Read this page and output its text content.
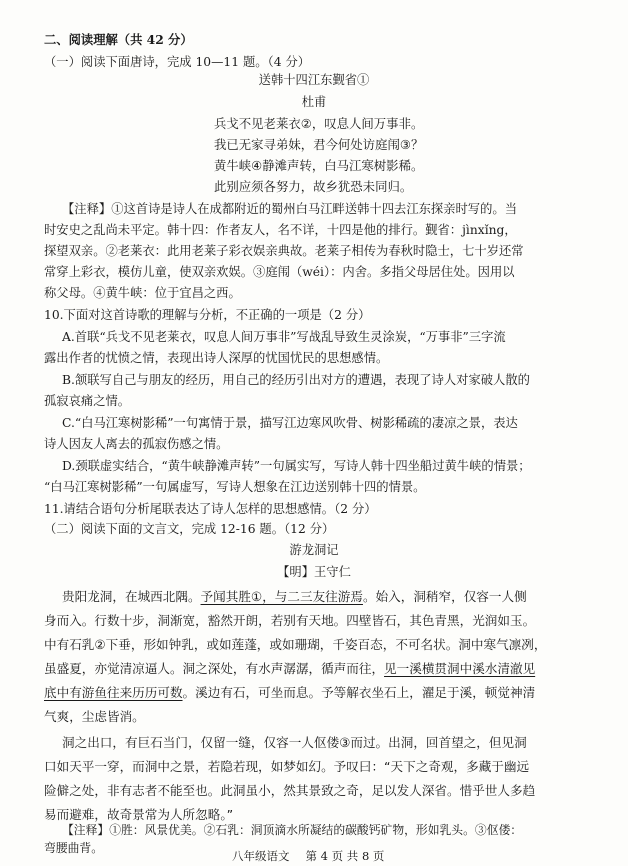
二、阅读理解（共 42 分）
（一）阅读下面唐诗，完成 10—11 题。（4 分）
送韩十四江东觐省①
杜甫
兵戈不见老莱衣②，叹息人间万事非。
我已无家寻弟妹，君今何处访庭闱③？
黄牛峡④静滩声转，白马江寒树影稀。
此别应须各努力，故乡犹恐未同归。
【注释】①这首诗是诗人在成都附近的蜀州白马江畔送韩十四去江东探亲时写的。当
时安史之乱尚未平定。韩十四：作者友人，名不详，十四是他的排行。觐省：jìnxǐng，
探望双亲。②老莱衣：此用老莱子彩衣娱亲典故。老莱子相传为春秋时隐士，七十岁还常
常穿上彩衣，模仿儿童，使双亲欢娱。③庭闱（wéi）：内舍。多指父母居住处。因用以
称父母。④黄牛峡：位于宜昌之西。
10.下面对这首诗歌的理解与分析，不正确的一项是（2 分）
A.首联“兵戈不见老莱衣，叹息人间万事非”写战乱导致生灵涂炭，“万事非”三字流
露出作者的忧愤之情，表现出诗人深厚的忧国忧民的思想感情。
B.颔联写自己与朋友的经历，用自己的经历引出对方的遭遇，表现了诗人对家破人散的
孤寂哀痛之情。
C.“白马江寒树影稀”一句寓情于景，描写江边寒风吹骨、树影稀疏的凄凉之景，表达
诗人因友人离去的孤寂伤感之情。
D.颈联虚实结合，“黄牛峡静滩声转”一句属实写，写诗人韩十四坐船过黄牛峡的情景；
“白马江寒树影稀”一句属虚写，写诗人想象在江边送别韩十四的情景。
11.请结合语句分析尾联表达了诗人怎样的思想感情。（2 分）
（二）阅读下面的文言文，完成 12-16 题。（12 分）
游龙洞记
【明】王守仁
贵阳龙洞，在城西北隅。予闻其胜①，与二三友往游焉。始入，洞稍窄，仅容一人侧
身而入。行数十步，洞渐宽，豁然开朗，若别有天地。四壁皆石，其色青黑，光润如玉。
中有石乳②下垂，形如钟乳，或如莲蓬，或如珊瑚，千姿百态，不可名状。洞中寒气凛冽，
虽盛夏，亦觉清凉逼人。洞之深处，有水声潺潺，循声而往，见一溪横贯洞中溪水清澈见
底中有游鱼往来历历可数。溪边有石，可坐而息。予等解衣坐石上，濯足于溪，顿觉神清
气爽，尘虑皆消。
洞之出口，有巨石当门，仅留一缝，仅容一人伛偻③而过。出洞，回首望之，但见洞
口如天平一穿，而洞中之景，若隐若现，如梦如幻。予叹曰：“天下之奇观，多藏于幽远
险僻之处，非有志者不能至也。此洞虽小，然其景致之奇，足以发人深省。惜乎世人多趋
易而避难，故奇景常为人所忽略。”
【注释】①胜：风景优美。②石乳：洞顶滴水所凝结的碳酸钙矿物，形如乳头。③伛偻：
弯腰曲背。
八年级语文 第 4 页 共 8 页
